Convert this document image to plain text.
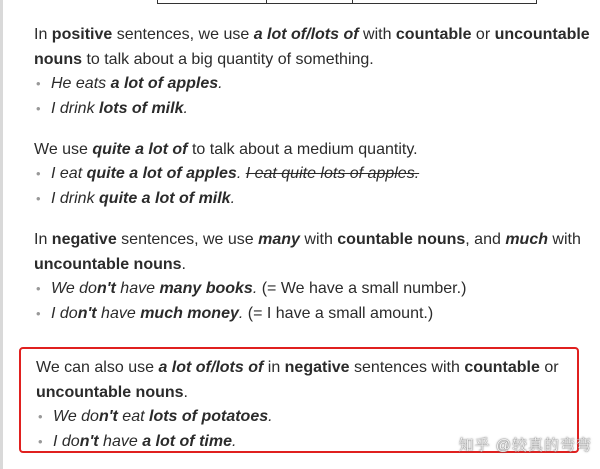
In positive sentences, we use a lot of/lots of with countable or uncountable nouns to talk about a big quantity of something.

• He eats a lot of apples.
• I drink lots of milk.

We use quite a lot of to talk about a medium quantity.

• I eat quite a lot of apples. I eat quite lots of apples.
• I drink quite a lot of milk.

In negative sentences, we use many with countable nouns, and much with uncountable nouns.

• We don't have many books. (= We have a small number.)
• I don't have much money. (= I have a small amount.)

We can also use a lot of/lots of in negative sentences with countable or uncountable nouns.

• We don't eat lots of potatoes.
• I don't have a lot of time.	知乎 @较真的弯弯
